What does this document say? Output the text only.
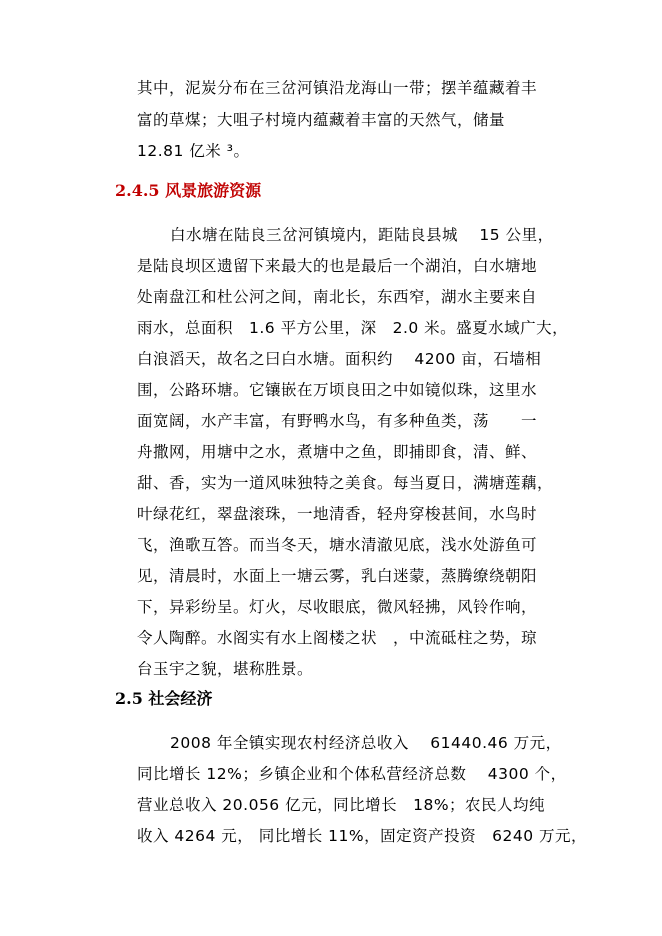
其中，泥炭分布在三岔河镇沿龙海山一带；摆羊蕴藏着丰
富的草煤；大咀子村境内蕴藏着丰富的天然气，储量
12.81 亿米 ³。
2.4.5 风景旅游资源
白水塘在陆良三岔河镇境内，距陆良县城　 15 公里，
是陆良坝区遗留下来最大的也是最后一个湖泊，白水塘地
处南盘江和杜公河之间，南北长，东西窄，湖水主要来自
雨水，总面积　1.6 平方公里，深　2.0 米。盛夏水域广大，
白浪滔天，故名之曰白水塘。面积约　 4200 亩，石墙相
围，公路环塘。它镶嵌在万顷良田之中如镜似珠，这里水
面宽阔，水产丰富，有野鸭水鸟，有多种鱼类，荡　　一
舟撒网，用塘中之水，煮塘中之鱼，即捕即食，清、鲜、
甜、香，实为一道风味独特之美食。每当夏日，满塘莲藕，
叶绿花红，翠盘滚珠，一地清香，轻舟穿梭甚间，水鸟时
飞，渔歌互答。而当冬天，塘水清澈见底，浅水处游鱼可
见，清晨时，水面上一塘云雾，乳白迷蒙，蒸腾缭绕朝阳
下，异彩纷呈。灯火，尽收眼底，微风轻拂，风铃作响，
令人陶醉。水阁实有水上阁楼之状　，中流砥柱之势，琼
台玉宇之貌，堪称胜景。
2.5 社会经济
2008 年全镇实现农村经济总收入　 61440.46 万元，
同比增长 12%；乡镇企业和个体私营经济总数　 4300 个，
营业总收入 20.056 亿元，同比增长　18%；农民人均纯
收入 4264 元， 同比增长 11%，固定资产投资　6240 万元，
